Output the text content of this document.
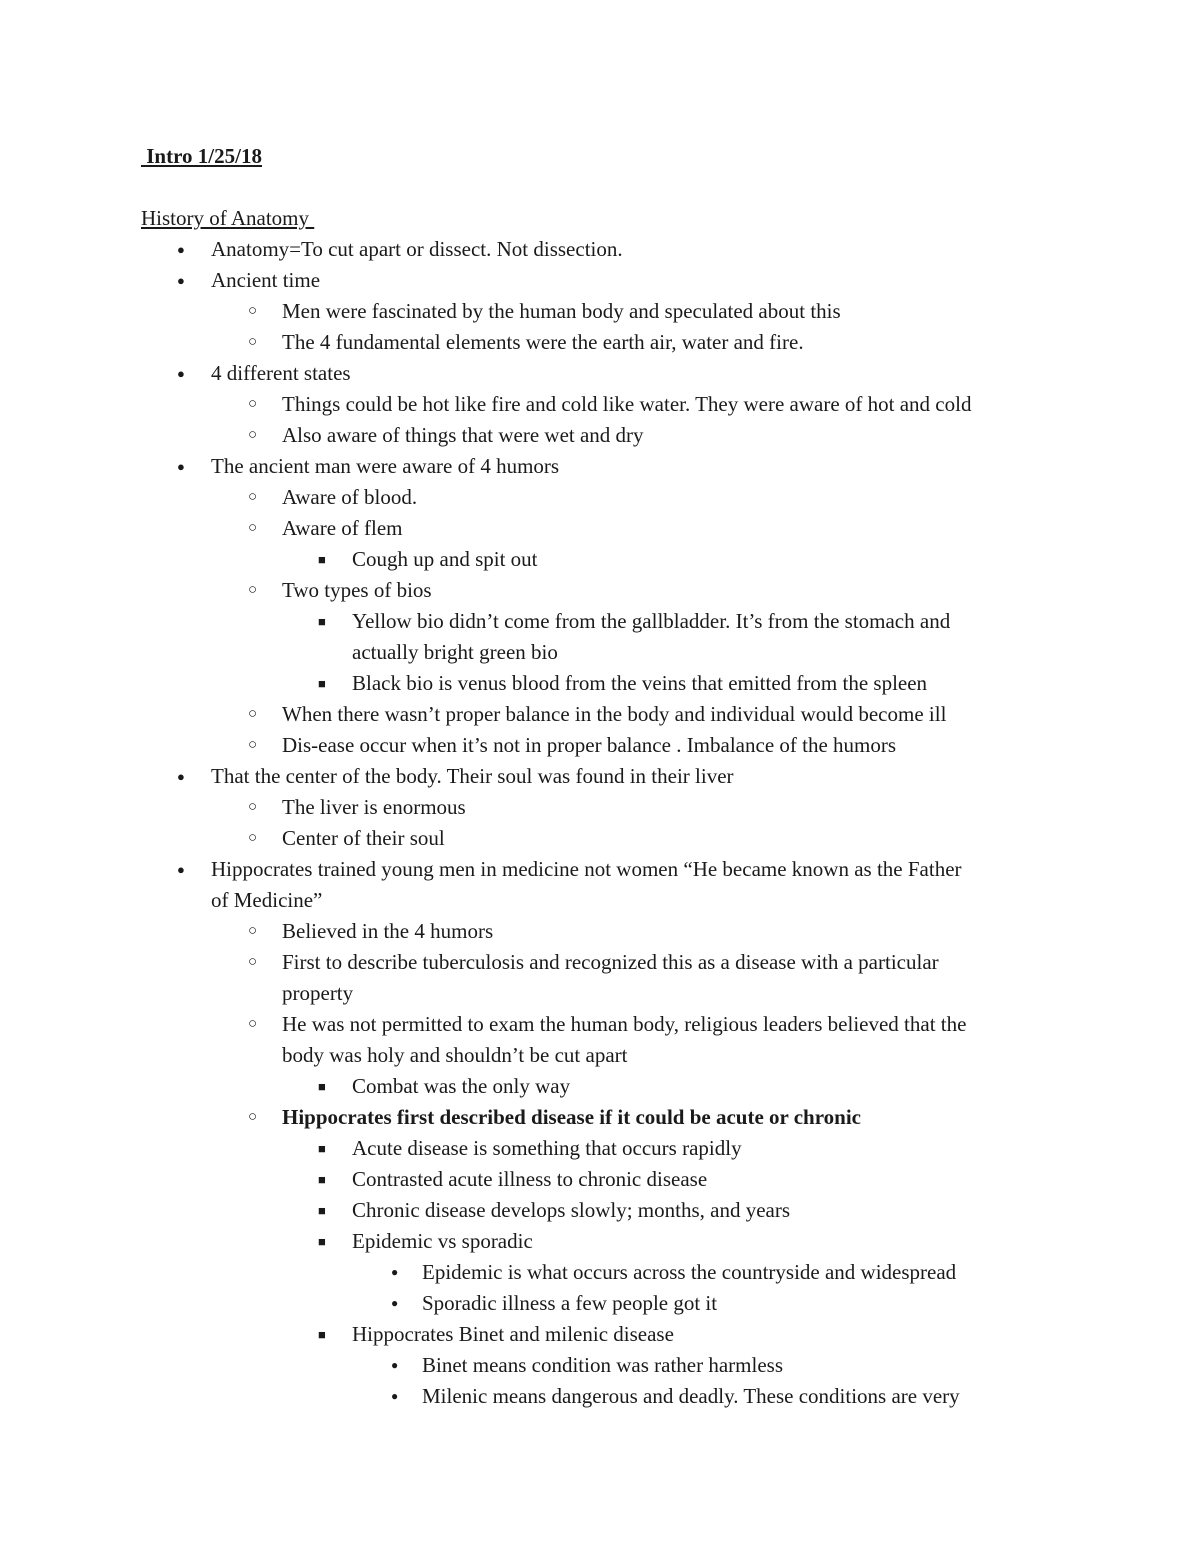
Intro 1/25/18
History of Anatomy
● Anatomy=To cut apart or dissect. Not dissection.
● Ancient time
○ Men were fascinated by the human body and speculated about this
○ The 4 fundamental elements were the earth air, water and fire.
● 4 different states
○ Things could be hot like fire and cold like water. They were aware of hot and cold
○ Also aware of things that were wet and dry
● The ancient man were aware of 4 humors
○ Aware of blood.
○ Aware of flem
■ Cough up and spit out
○ Two types of bios
■ Yellow bio didn’t come from the gallbladder. It’s from the stomach and
actually bright green bio
■ Black bio is venus blood from the veins that emitted from the spleen
○ When there wasn’t proper balance in the body and individual would become ill
○ Dis-ease occur when it’s not in proper balance . Imbalance of the humors
● That the center of the body. Their soul was found in their liver
○ The liver is enormous
○ Center of their soul
● Hippocrates trained young men in medicine not women “He became known as the Father
of Medicine”
○ Believed in the 4 humors
○ First to describe tuberculosis and recognized this as a disease with a particular
property
○ He was not permitted to exam the human body, religious leaders believed that the
body was holy and shouldn’t be cut apart
■ Combat was the only way
○ Hippocrates first described disease if it could be acute or chronic
■ Acute disease is something that occurs rapidly
■ Contrasted acute illness to chronic disease
■ Chronic disease develops slowly; months, and years
■ Epidemic vs sporadic
● Epidemic is what occurs across the countryside and widespread
● Sporadic illness a few people got it
■ Hippocrates Binet and milenic disease
● Binet means condition was rather harmless
● Milenic means dangerous and deadly. These conditions are very
